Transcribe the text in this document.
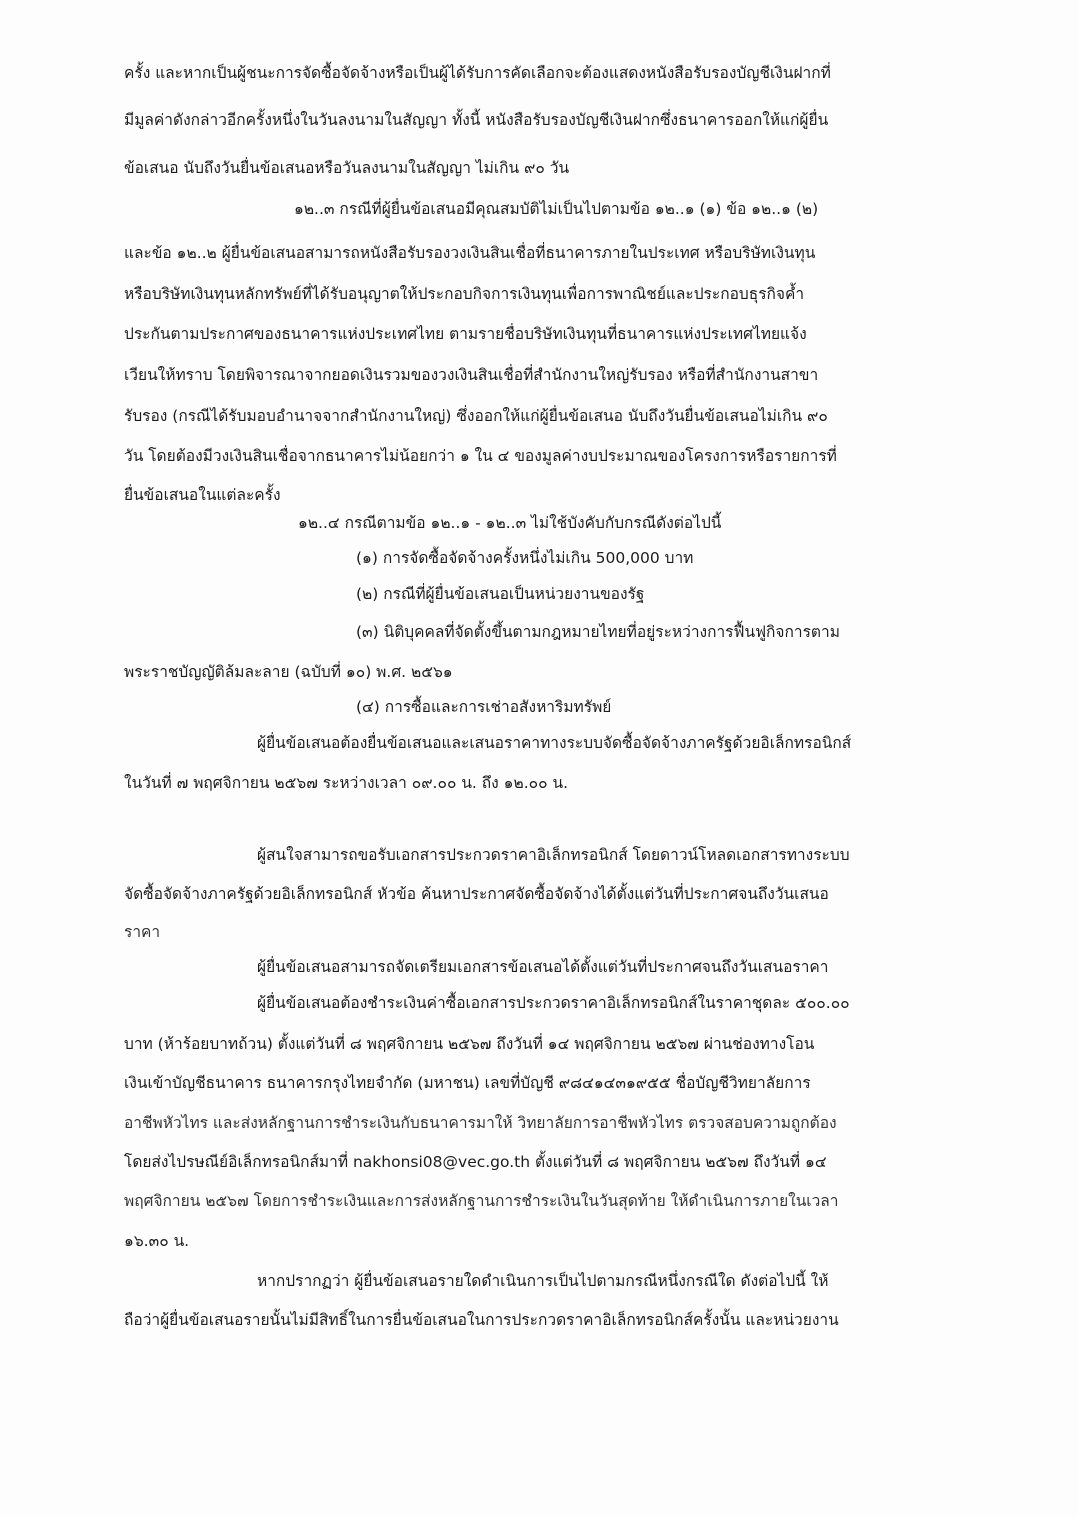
ครั้ง และหากเป็นผู้ชนะการจัดซื้อจัดจ้างหรือเป็นผู้ได้รับการคัดเลือกจะต้องแสดงหนังสือรับรองบัญชีเงินฝากที่
มีมูลค่าดังกล่าวอีกครั้งหนึ่งในวันลงนามในสัญญา ทั้งนี้ หนังสือรับรองบัญชีเงินฝากซึ่งธนาคารออกให้แก่ผู้ยื่น
ข้อเสนอ นับถึงวันยื่นข้อเสนอหรือวันลงนามในสัญญา ไม่เกิน ๙๐ วัน
๑๒..๓ กรณีที่ผู้ยื่นข้อเสนอมีคุณสมบัติไม่เป็นไปตามข้อ ๑๒..๑ (๑) ข้อ ๑๒..๑ (๒)
และข้อ ๑๒..๒ ผู้ยื่นข้อเสนอสามารถหนังสือรับรองวงเงินสินเชื่อที่ธนาคารภายในประเทศ หรือบริษัทเงินทุน
หรือบริษัทเงินทุนหลักทรัพย์ที่ได้รับอนุญาตให้ประกอบกิจการเงินทุนเพื่อการพาณิชย์และประกอบธุรกิจค้ำ
ประกันตามประกาศของธนาคารแห่งประเทศไทย ตามรายชื่อบริษัทเงินทุนที่ธนาคารแห่งประเทศไทยแจ้ง
เวียนให้ทราบ โดยพิจารณาจากยอดเงินรวมของวงเงินสินเชื่อที่สำนักงานใหญ่รับรอง หรือที่สำนักงานสาขา
รับรอง (กรณีได้รับมอบอำนาจจากสำนักงานใหญ่) ซึ่งออกให้แก่ผู้ยื่นข้อเสนอ นับถึงวันยื่นข้อเสนอไม่เกิน ๙๐
วัน โดยต้องมีวงเงินสินเชื่อจากธนาคารไม่น้อยกว่า ๑ ใน ๔ ของมูลค่างบประมาณของโครงการหรือรายการที่
ยื่นข้อเสนอในแต่ละครั้ง
๑๒..๔ กรณีตามข้อ ๑๒..๑ - ๑๒..๓ ไม่ใช้บังคับกับกรณีดังต่อไปนี้
(๑) การจัดซื้อจัดจ้างครั้งหนึ่งไม่เกิน 500,000 บาท
(๒) กรณีที่ผู้ยื่นข้อเสนอเป็นหน่วยงานของรัฐ
(๓) นิติบุคคลที่จัดตั้งขึ้นตามกฎหมายไทยที่อยู่ระหว่างการฟื้นฟูกิจการตาม
พระราชบัญญัติล้มละลาย (ฉบับที่ ๑๐) พ.ศ. ๒๕๖๑
(๔) การซื้อและการเช่าอสังหาริมทรัพย์
ผู้ยื่นข้อเสนอต้องยื่นข้อเสนอและเสนอราคาทางระบบจัดซื้อจัดจ้างภาครัฐด้วยอิเล็กทรอนิกส์
ในวันที่ ๗ พฤศจิกายน ๒๕๖๗ ระหว่างเวลา ๐๙.๐๐ น. ถึง ๑๒.๐๐ น.
ผู้สนใจสามารถขอรับเอกสารประกวดราคาอิเล็กทรอนิกส์ โดยดาวน์โหลดเอกสารทางระบบ
จัดซื้อจัดจ้างภาครัฐด้วยอิเล็กทรอนิกส์ หัวข้อ ค้นหาประกาศจัดซื้อจัดจ้างได้ตั้งแต่วันที่ประกาศจนถึงวันเสนอ
ราคา
ผู้ยื่นข้อเสนอสามารถจัดเตรียมเอกสารข้อเสนอได้ตั้งแต่วันที่ประกาศจนถึงวันเสนอราคา
ผู้ยื่นข้อเสนอต้องชำระเงินค่าซื้อเอกสารประกวดราคาอิเล็กทรอนิกส์ในราคาชุดละ ๕๐๐.๐๐
บาท (ห้าร้อยบาทถ้วน) ตั้งแต่วันที่ ๘ พฤศจิกายน ๒๕๖๗ ถึงวันที่ ๑๔ พฤศจิกายน ๒๕๖๗ ผ่านช่องทางโอน
เงินเข้าบัญชีธนาคาร ธนาคารกรุงไทยจำกัด (มหาชน) เลขที่บัญชี ๙๘๔๑๔๓๑๙๕๕ ชื่อบัญชีวิทยาลัยการ
อาชีพหัวไทร และส่งหลักฐานการชำระเงินกับธนาคารมาให้ วิทยาลัยการอาชีพหัวไทร ตรวจสอบความถูกต้อง
โดยส่งไปรษณีย์อิเล็กทรอนิกส์มาที่ nakhonsi08@vec.go.th ตั้งแต่วันที่ ๘ พฤศจิกายน ๒๕๖๗ ถึงวันที่ ๑๔
พฤศจิกายน ๒๕๖๗ โดยการชำระเงินและการส่งหลักฐานการชำระเงินในวันสุดท้าย ให้ดำเนินการภายในเวลา
๑๖.๓๐ น.
หากปรากฏว่า ผู้ยื่นข้อเสนอรายใดดำเนินการเป็นไปตามกรณีหนึ่งกรณีใด ดังต่อไปนี้ ให้
ถือว่าผู้ยื่นข้อเสนอรายนั้นไม่มีสิทธิ์ในการยื่นข้อเสนอในการประกวดราคาอิเล็กทรอนิกส์ครั้งนั้น และหน่วยงาน
